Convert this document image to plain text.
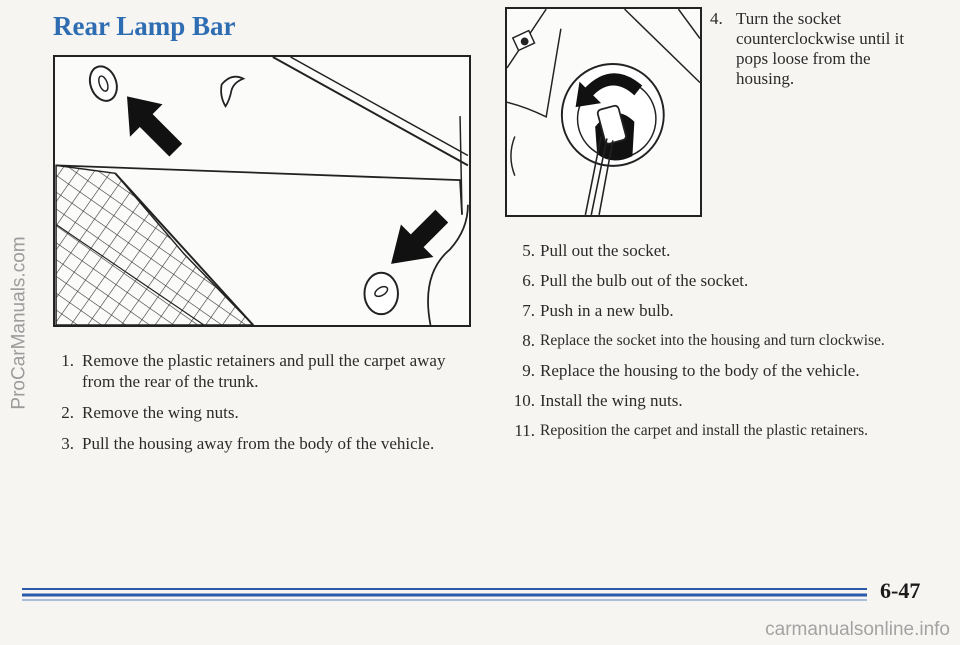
ProCarManuals.com
Rear Lamp Bar	4. Turn the socket counterclockwise until it pops loose from the housing.
1. Remove the plastic retainers and pull the carpet away from the rear of the trunk.
2. Remove the wing nuts.
3. Pull the housing away from the body of the vehicle.
5. Pull out the socket.
6. Pull the bulb out of the socket.
7. Push in a new bulb.
8. Replace the socket into the housing and turn clockwise.
9. Replace the housing to the body of the vehicle.
10. Install the wing nuts.
11. Reposition the carpet and install the plastic retainers.
6-47
carmanualsonline.info
